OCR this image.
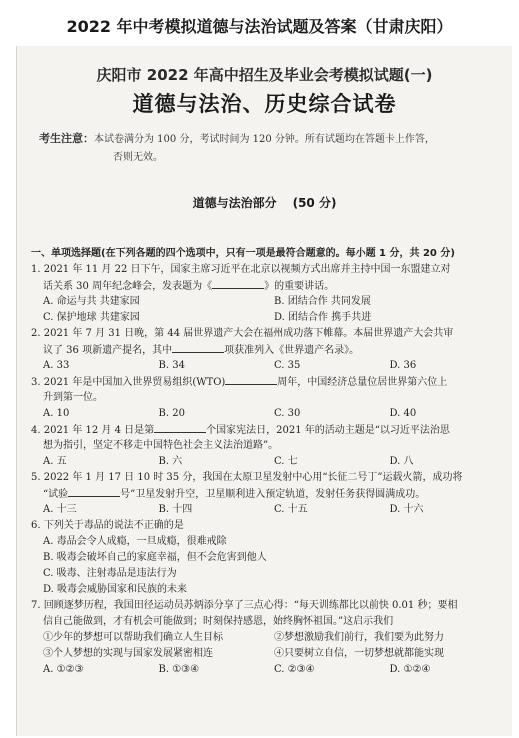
2022 年中考模拟道德与法治试题及答案（甘肃庆阳）
庆阳市 2022 年高中招生及毕业会考模拟试题(一)
道德与法治、历史综合试卷
考生注意：本试卷满分为 100 分，考试时间为 120 分钟。所有试题均在答题卡上作答，
否则无效。
道德与法治部分 (50 分)
一、单项选择题(在下列各题的四个选项中，只有一项是最符合题意的。每小题 1 分，共 20 分)
1. 2021 年 11 月 22 日下午，国家主席习近平在北京以视频方式出席并主持中国一东盟建立对
话关系 30 周年纪念峰会，发表题为《	》的重要讲话。
A. 命运与共 共建家园	B. 团结合作 共同发展
C. 保护地球 共建家园	D. 团结合作 携手共进
2. 2021 年 7 月 31 日晚，第 44 届世界遗产大会在福州成功落下帷幕。本届世界遗产大会共审
议了 36 项新遗产提名，其中	项获准列入《世界遗产名录》。
A. 33	B. 34	C. 35	D. 36
3. 2021 年是中国加入世界贸易组织(WTO)	周年，中国经济总量位居世界第六位上
升到第一位。
A. 10	B. 20	C. 30	D. 40
4. 2021 年 12 月 4 日是第	个国家宪法日，2021 年的活动主题是“以习近平法治思
想为指引，坚定不移走中国特色社会主义法治道路”。
A. 五	B. 六	C. 七	D. 八
5. 2022 年 1 月 17 日 10 时 35 分，我国在太原卫星发射中心用“长征二号丁”运载火箭，成功将
“试验	号”卫星发射升空，卫星顺利进入预定轨道，发射任务获得圆满成功。
A. 十三	B. 十四	C. 十五	D. 十六
6. 下列关于毒品的说法不正确的是
A. 毒品会令人成瘾，一旦成瘾，很难戒除
B. 吸毒会破坏自己的家庭幸福，但不会危害到他人
C. 吸毒、注射毒品是违法行为
D. 吸毒会威胁国家和民族的未来
7. 回顾逐梦历程，我国田径运动员苏炳添分享了三点心得：“每天训练都比以前快 0.01 秒；要相
信自己能做到，才有机会可能做到；时刻保持感恩，始终胸怀祖国。”这启示我们
①少年的梦想可以帮助我们确立人生目标	②梦想激励我们前行，我们要为此努力
③个人梦想的实现与国家发展紧密相连	④只要树立自信，一切梦想就都能实现
A. ①②③	B. ①③④	C. ②③④	D. ①②④
